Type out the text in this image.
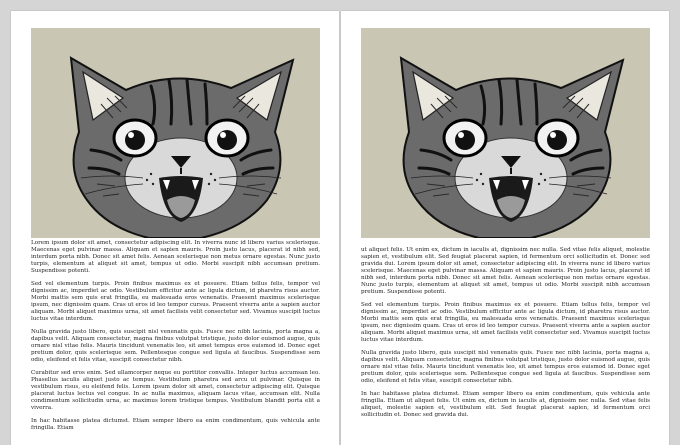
Lorem ipsum dolor sit amet, consectetur adipiscing elit. In viverra nunc id libero varius scelerisque. Maecenas eget pulvinar massa. Aliquam et sapien mauris. Proin justo lacus, placerat id nibh sed, interdum porta nibh. Donec sit amet felis. Aenean scelerisque non metus ornare egestas. Nunc justo turpis, elementum at aliquet sit amet, tempus ut odio. Morbi suscipit nibh accumsan pretium. Suspendisse potenti.

Sed vel elementum turpis. Proin finibus maximus ex et posuere. Etiam tellus felis, tempor vel dignissim ac, imperdiet ac odio. Vestibulum efficitur ante ac ligula dictum, id pharetra risus auctor. Morbi mattis sem quis erat fringilla, eu malesuada eros venenatis. Praesent maximus scelerisque ipsum, nec dignissim quam. Cras ut eros id leo tempor cursus. Praesent viverra ante a sapien auctor aliquam. Morbi aliquet maximus urna, sit amet facilisis velit consectetur sed. Vivamus suscipit luctus luctus vitae interdum.

Nulla gravida justo libero, quis suscipit nisl venenatis quis. Fusce nec nibh lacinia, porta magna a, dapibus velit. Aliquam consectetur, magna finibus volutpat tristique, justo dolor euismod augue, quis ornare nisl vitae felis. Mauris tincidunt venenatis leo, sit amet tempus eros euismod id. Donec eget pretium dolor, quis scelerisque sem. Pellentesque congue sed ligula at faucibus. Suspendisse sem odio, eleifend et felis vitae, suscipit consectetur nibh.

Curabitur sed eros enim. Sed ullamcorper neque eu porttitor convallis. Integer luctus accumsan leo. Phasellus iaculis aliquet justo ac tempus. Vestibulum pharetra sed arcu ut pulvinar. Quisque in vestibulum risus, eu eleifend felis. Lorem ipsum dolor sit amet, consectetur adipiscing elit. Quisque placerat luctus lectus vel congue. In ac nulla maximus, aliquam lacus vitae, accumsan elit. Nulla condimentum sollicitudin urna, ac maximus lorem tristique tempus. Vestibulum blandit porta elit a viverra.

In hac habitasse platea dictumst. Etiam semper libero ea enim condimentum, quis vehicula ante fringilla. Etiam

ut aliquet felis. Ut enim ex, dictum in iaculis at, dignissim nec nulla. Sed vitae felis aliquet, molestie sapien et, vestibulum elit. Sed feugiat placerat sapien, id fermentum orci sollicitudin et. Donec sed gravida dui. Lorem ipsum dolor sit amet, consectetur adipiscing elit. In viverra nunc id libero varius scelerisque. Maecenas eget pulvinar massa. Aliquam et sapien mauris. Proin justo lacus, placerat id nibh sed, interdum porta nibh. Donec sit amet felis. Aenean scelerisque non metus ornare egestas. Nunc justo turpis, elementum at aliquet sit amet, tempus ut odio. Morbi suscipit nibh accumsan pretium. Suspendisse potenti.

Sed vel elementum turpis. Proin finibus maximus ex et posuere. Etiam tellus felis, tempor vel dignissim ac, imperdiet ac odio. Vestibulum efficitur ante ac ligula dictum, id pharetra risus auctor. Morbi mattis sem quis erat fringilla, eu malesuada eros venenatis. Praesent maximus scelerisque ipsum, nec dignissim quam. Cras ut eros id leo tempor cursus. Praesent viverra ante a sapien auctor aliquam. Morbi aliquet maximus urna, sit amet facilisis velit consectetur sed. Vivamus suscipit luctus luctus vitae interdum.

Nulla gravida justo libero, quis suscipit nisl venenatis quis. Fusce nec nibh lacinia, porta magna a, dapibus velit. Aliquam consectetur, magna finibus volutpat tristique, justo dolor euismod augue, quis ornare nisl vitae felis. Mauris tincidunt venenatis leo, sit amet tempus eros euismod id. Donec eget pretium dolor, quis scelerisque sem. Pellentesque congue sed ligula at faucibus. Suspendisse sem odio, eleifend et felis vitae, suscipit consectetur nibh.

In hac habitasse platea dictumst. Etiam semper libero ea enim condimentum, quis vehicula ante fringilla. Etiam ut aliquet felis. Ut enim ex, dictum in iaculis at, dignissim nec nulla. Sed vitae felis aliquet, molestie sapien et, vestibulum elit. Sed feugiat placerat sapien, id fermentum orci sollicitudin et. Donec sed gravida dui.
